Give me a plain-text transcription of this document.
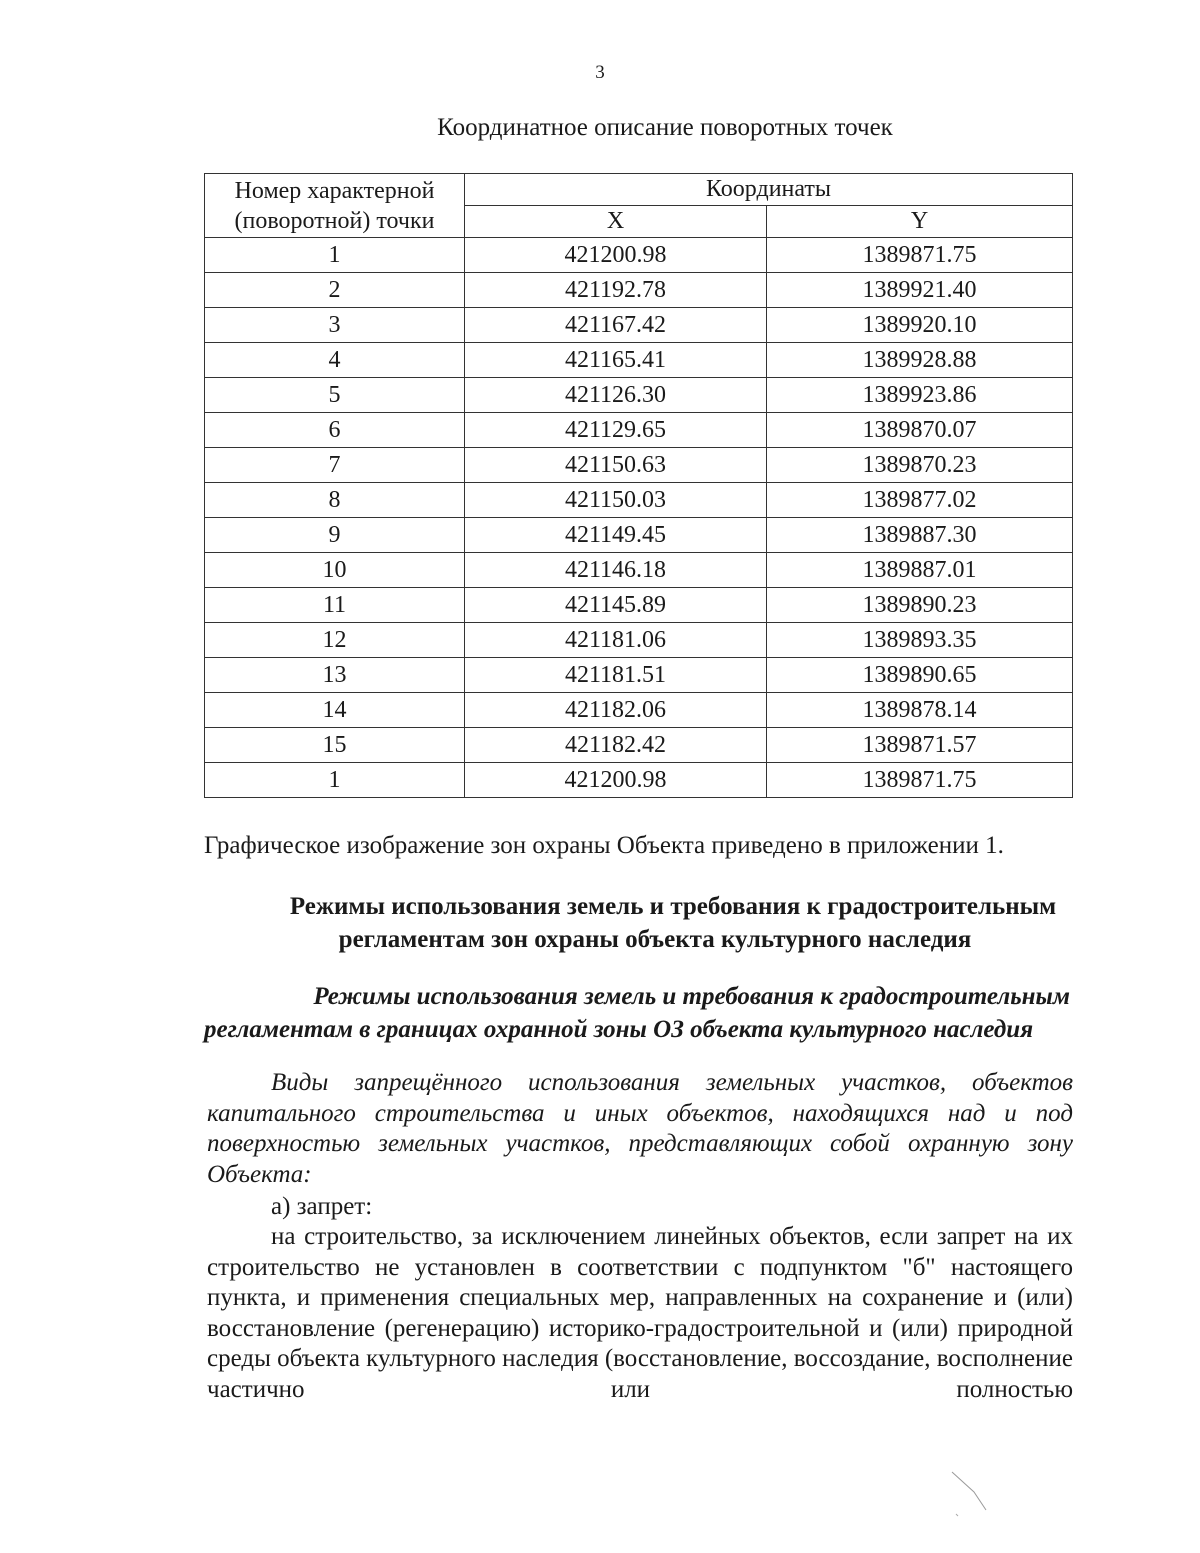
3
Координатное описание поворотных точек
Номер характерной
(поворотной) точки	Координаты	
	X	Y
1	421200.98	1389871.75
2	421192.78	1389921.40
3	421167.42	1389920.10
4	421165.41	1389928.88
5	421126.30	1389923.86
6	421129.65	1389870.07
7	421150.63	1389870.23
8	421150.03	1389877.02
9	421149.45	1389887.30
10	421146.18	1389887.01
11	421145.89	1389890.23
12	421181.06	1389893.35
13	421181.51	1389890.65
14	421182.06	1389878.14
15	421182.42	1389871.57
1	421200.98	1389871.75
Графическое изображение зон охраны Объекта приведено в приложении 1.
Режимы использования земель и требования к градостроительным
регламентам зон охраны объекта культурного наследия
Режимы использования земель и требования к градостроительным
регламентам в границах охранной зоны ОЗ объекта культурного наследия
Виды запрещённого использования земельных участков, объектов капитального строительства и иных объектов, находящихся над и под поверхностью земельных участков, представляющих собой охранную зону Объекта:
а) запрет:
на строительство, за исключением линейных объектов, если запрет на их строительство не установлен в соответствии с подпунктом "б" настоящего пункта, и применения специальных мер, направленных на сохранение и (или) восстановление (регенерацию) историко-градостроительной и (или) природной среды объекта культурного наследия (восстановление, воссоздание, восполнение частично или полностью
